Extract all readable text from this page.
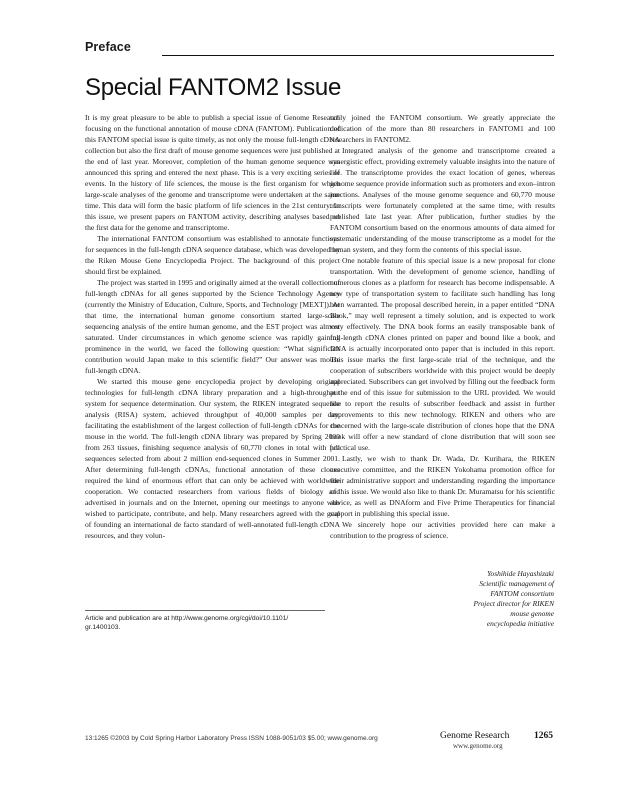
Preface
Special FANTOM2 Issue

It is my great pleasure to be able to publish a special issue of Genome Research focusing on the functional annotation of mouse cDNA (FANTOM). Publication of this FANTOM special issue is quite timely, as not only the mouse full-length cDNA collection but also the first draft of mouse genome sequences were just published at the end of last year. Moreover, completion of the human genome sequence was announced this spring and entered the next phase. This is a very exciting series of events. In the history of life sciences, the mouse is the first organism for which large-scale analyses of the genome and transcriptome were undertaken at the same time. This data will form the basic platform of life sciences in the 21st century. In this issue, we present papers on FANTOM activity, describing analyses based on the first data for the genome and transcriptome.

The international FANTOM consortium was established to annotate functions for sequences in the full-length cDNA sequence database, which was developed by the Riken Mouse Gene Encyclopedia Project. The background of this project should first be explained.

The project was started in 1995 and originally aimed at the overall collection of full-length cDNAs for all genes supported by the Science Technology Agency (currently the Ministry of Education, Culture, Sports, and Technology [MEXT]). At that time, the international human genome consortium started large-scale sequencing analysis of the entire human genome, and the EST project was almost saturated. Under circumstances in which genome science was rapidly gaining prominence in the world, we faced the following question: “What significant contribution would Japan make to this scientific field?” Our answer was mouse full-length cDNA.

We started this mouse gene encyclopedia project by developing original technologies for full-length cDNA library preparation and a high-throughput system for sequence determination. Our system, the RIKEN integrated sequence analysis (RISA) system, achieved throughput of 40,000 samples per day, facilitating the establishment of the largest collection of full-length cDNAs for the mouse in the world. The full-length cDNA library was prepared by Spring 2000 from 263 tissues, finishing sequence analysis of 60,770 clones in total with full sequences selected from about 2 million end-sequenced clones in Summer 2001. After determining full-length cDNAs, functional annotation of these clones required the kind of enormous effort that can only be achieved with worldwide cooperation. We contacted researchers from various fields of biology and advertised in journals and on the Internet, opening our meetings to anyone who wished to participate, contribute, and help. Many researchers agreed with the goal of founding an international de facto standard of well-annotated full-length cDNA resources, and they volun-

Article and publication are at http://www.genome.org/cgi/doi/10.1101/
gr.1400103.

tarily joined the FANTOM consortium. We greatly appreciate the dedication of the more than 80 researchers in FANTOM1 and 100 researchers in FANTOM2.

Integrated analysis of the genome and transcriptome created a synergistic effect, providing extremely valuable insights into the nature of life. The transcriptome provides the exact location of genes, whereas genome sequence provide information such as promoters and exon–intron junctions. Analyses of the mouse genome sequence and 60,770 mouse transcripts were fortunately completed at the same time, with results published late last year. After publication, further studies by the FANTOM consortium based on the enormous amounts of data aimed for systematic understanding of the mouse transcriptome as a model for the human system, and they form the contents of this special issue.

One notable feature of this special issue is a new proposal for clone transportation. With the development of genome science, handling of numerous clones as a platform for research has become indispensable. A new type of transportation system to facilitate such handling has long been warranted. The proposal described herein, in a paper entitled “DNA Book,” may well represent a timely solution, and is expected to work very effectively. The DNA book forms an easily transposable bank of full-length cDNA clones printed on paper and bound like a book, and DNA is actually incorporated onto paper that is included in this report. This issue marks the first large-scale trial of the technique, and the cooperation of subscribers worldwide with this project would be deeply appreciated. Subscribers can get involved by filling out the feedback form at the end of this issue for submission to the URL provided. We would like to report the results of subscriber feedback and assist in further improvements to this new technology. RIKEN and others who are concerned with the large-scale distribution of clones hope that the DNA book will offer a new standard of clone distribution that will soon see practical use.

Lastly, we wish to thank Dr. Wada, Dr. Kurihara, the RIKEN executive committee, and the RIKEN Yokohama promotion office for their administrative support and understanding regarding the importance of this issue. We would also like to thank Dr. Muramatsu for his scientific advice, as well as DNAform and Five Prime Therapeutics for financial support in publishing this special issue.

We sincerely hope our activities provided here can make a contribution to the progress of science.

Yoshihide Hayashizaki
Scientific management of
FANTOM consortium
Project director for RIKEN
mouse genome
encyclopedia initiative
13:1265 ©2003 by Cold Spring Harbor Laboratory Press ISSN 1088-9051/03 $5.00; www.genome.org	Genome Research	1265
www.genome.org
